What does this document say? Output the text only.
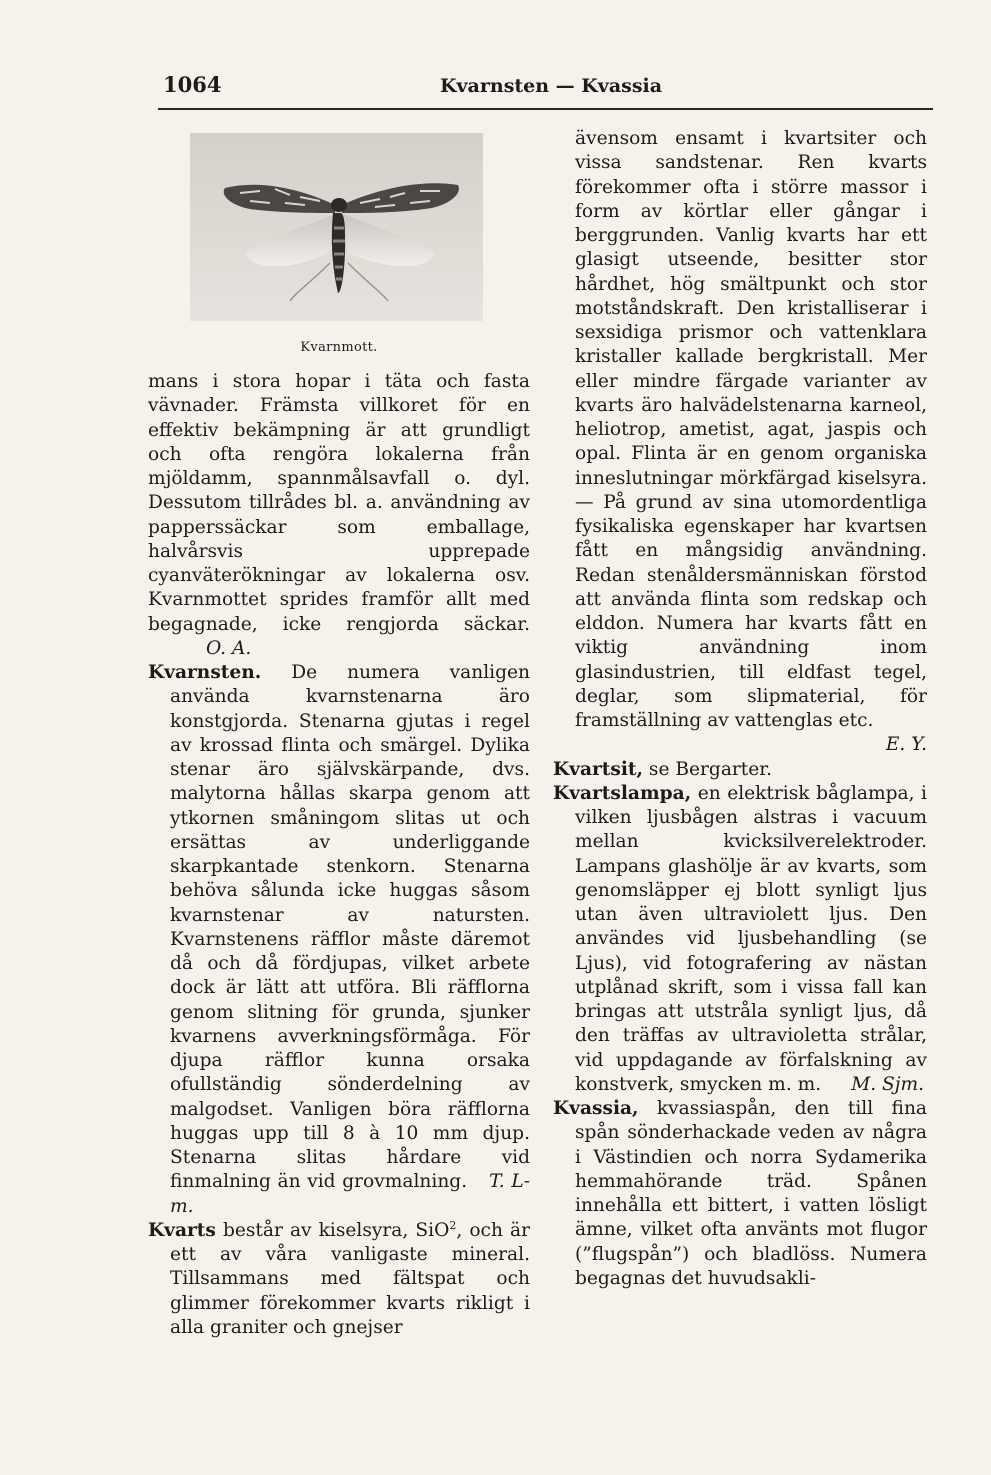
1064	Kvarnsten — Kvassia
Kvarnmott.

mans i stora hopar i täta och fasta vävnader. Främsta villkoret för en effektiv bekämpning är att grundligt och ofta rengöra lokalerna från mjöldamm, spannmålsavfall o. dyl. Dessutom tillrådes bl. a. användning av papperssäckar som emballage, halvårsvis upprepade cyanväterökningar av lokalerna osv. Kvarnmottet sprides framför allt med begagnade, icke rengjorda säckar.O. A.

Kvarnsten. De numera vanligen använda kvarnstenarna äro konstgjorda. Stenarna gjutas i regel av krossad flinta och smärgel. Dylika stenar äro självskärpande, dvs. malytorna hållas skarpa genom att ytkornen småningom slitas ut och ersättas av underliggande skarpkantade stenkorn. Stenarna behöva sålunda icke huggas såsom kvarnstenar av natursten. Kvarnstenens räfflor måste däremot då och då fördjupas, vilket arbete dock är lätt att utföra. Bli räfflorna genom slitning för grunda, sjunker kvarnens avverkningsförmåga. För djupa räfflor kunna orsaka ofullständig sönderdelning av malgodset. Vanligen böra räfflorna huggas upp till 8 à 10 mm djup. Stenarna slitas hårdare vid finmalning än vid grovmalning. T. L-m.

Kvarts består av kiselsyra, SiO$^2$, och är ett av våra vanligaste mineral. Tillsammans med fältspat och glimmer förekommer kvarts rikligt i alla graniter och gnejser

ävensom ensamt i kvartsiter och vissa sandstenar. Ren kvarts förekommer ofta i större massor i form av körtlar eller gångar i berggrunden. Vanlig kvarts har ett glasigt utseende, besitter stor hårdhet, hög smältpunkt och stor motståndskraft. Den kristalliserar i sexsidiga prismor och vattenklara kristaller kallade bergkristall. Mer eller mindre färgade varianter av kvarts äro halvädelstenarna karneol, heliotrop, ametist, agat, jaspis och opal. Flinta är en genom organiska inneslutningar mörkfärgad kiselsyra. — På grund av sina utomordentliga fysikaliska egenskaper har kvartsen fått en mångsidig användning. Redan stenåldersmänniskan förstod att använda flinta som redskap och elddon. Numera har kvarts fått en viktig användning inom glasindustrien, till eldfast tegel, deglar, som slipmaterial, för framställning av vattenglas etc.

E. Y.

Kvartsit, se Bergarter.

Kvartslampa, en elektrisk båglampa, i vilken ljusbågen alstras i vacuum mellan kvicksilverelektroder. Lampans glashölje är av kvarts, som genomsläpper ej blott synligt ljus utan även ultraviolett ljus. Den användes vid ljusbehandling (se Ljus), vid fotografering av nästan utplånad skrift, som i vissa fall kan bringas att utstråla synligt ljus, då den träffas av ultravioletta strålar, vid uppdagande av förfalskning av konstverk, smycken m. m. M. Sjm.

Kvassia, kvassiaspån, den till fina spån sönderhackade veden av några i Västindien och norra Sydamerika hemmahörande träd. Spånen innehålla ett bittert, i vatten lösligt ämne, vilket ofta använts mot flugor (”flugspån”) och bladlöss. Numera begagnas det huvudsakli-
